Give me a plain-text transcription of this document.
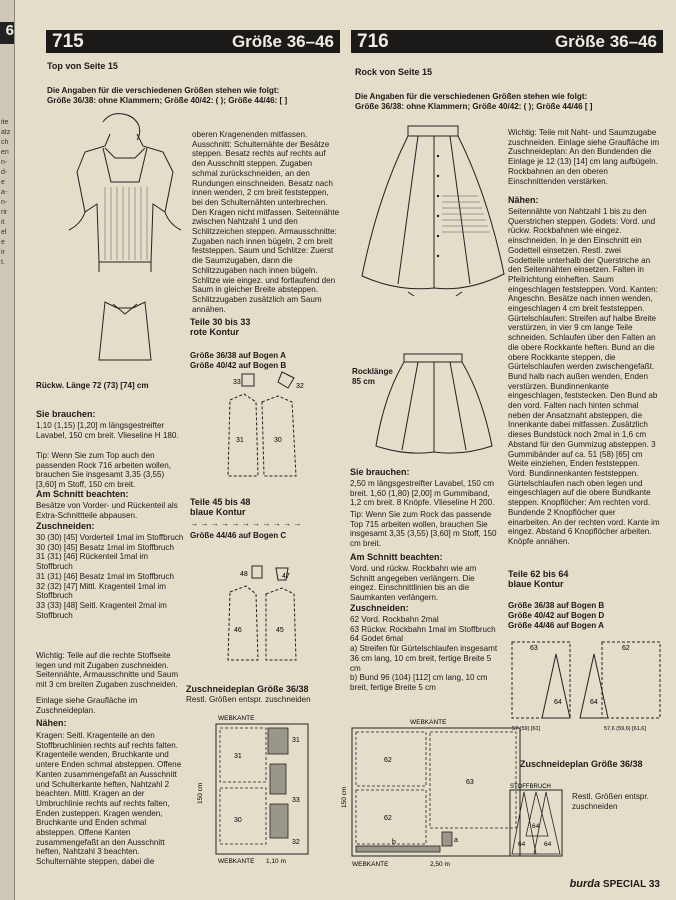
6
ite
atz
ch
en
n-
d-
e
a-
n-
rir
it
el
e
ir
t.
715	Größe 36–46

Top von Seite 15

Die Angaben für die verschiedenen Größen stehen wie folgt:

Größe 36/38: ohne Klammern; Größe 40/42: ( ); Größe 44/46: [ ]

Rückw. Länge 72 (73) [74] cm

Sie brauchen:

1,10 (1,15) [1,20] m längsgestreifter Lavabel, 150 cm breit. Vlieseline H 180.

Tip: Wenn Sie zum Top auch den passenden Rock 716 arbeiten wollen, brauchen Sie insgesamt 3,35 (3,55) [3,60] m Stoff, 150 cm breit.

Am Schnitt beachten:

Besätze von Vorder- und Rückenteil als Extra-Schnittteile abpausen.

Zuschneiden:

30 (30) [45] Vorderteil 1mal im Stoffbruch
30 (30) [45] Besatz 1mal im Stoffbruch
31 (31) [46] Rückenteil 1mal im Stoffbruch
31 (31) [46] Besatz 1mal im Stoffbruch
32 (32) [47] Mittl. Kragenteil 1mal im Stoffbruch
33 (33) [48] Seitl. Kragenteil 2mal im Stoffbruch

Wichtig: Teile auf die rechte Stoffseite legen und mit Zugaben zuschneiden. Seitennähte, Armausschnitte und Saum mit 3 cm breiten Zugaben zuschneiden.

Einlage siehe Graufläche im Zuschneideplan.

Nähen:

Kragen: Seitl. Kragenteile an den Stoffbruchlinien rechts auf rechts falten. Kragenteile wenden, Bruchkante und untere Enden schmal absteppen. Offene Kanten zusammengefaßt an Ausschnitt und Schulterkante heften, Nahtzahl 2 beachten. Mittl. Kragen an der Umbruchlinie rechts auf rechts falten, Enden zusteppen. Kragen wenden, Bruchkante und Enden schmal absteppen. Offene Kanten zusammengefaßt an den Ausschnitt heften, Nahtzahl 3 beachten. Schulternähte steppen, dabei die

oberen Kragenenden mitfassen. Ausschnitt: Schulternähte der Besätze steppen. Besatz rechts auf rechts auf den Ausschnitt steppen. Zugaben schmal zurückschneiden, an den Rundungen einschneiden. Besatz nach innen wenden, 2 cm breit feststeppen, bei den Schulternähten unterbrechen. Den Kragen nicht mitfassen. Seitennähte zwischen Nahtzahl 1 und den Schlitzzeichen steppen. Armausschnitte: Zugaben nach innen bügeln, 2 cm breit feststeppen. Saum und Schlitze: Zuerst die Saumzugaben, dann die Schlitzzugaben nach innen bügeln. Schlitze wie eingez. und fortlaufend den Saum in gleicher Breite absteppen. Schlitzzugaben zusätzlich am Saum annähen.

Teile 30 bis 33

rote Kontur

Größe 36/38 auf Bogen A

Größe 40/42 auf Bogen B

33
32
31	30

Teile 45 bis 48

blaue Kontur

→ → → → → → → → → → →

Größe 44/46 auf Bogen C

48	47
46	45

Zuschneideplan Größe 36/38

Restl. Größen entspr. zuschneiden

WEBKANTE
31
30
31
33
32
150 cm
WEBKANTE 1,10 m
716	Größe 36–46

Rock von Seite 15

Die Angaben für die verschiedenen Größen stehen wie folgt:

Größe 36/38: ohne Klammern; Größe 40/42: ( ); Größe 44/46 [ ]

Rocklänge

85 cm

Sie brauchen:

2,50 m längsgestreifter Lavabel, 150 cm breit. 1,60 (1,80) [2,00] m Gummiband, 1,2 cm breit. 8 Knöpfe. Vlieseline H 200.

Tip: Wenn Sie zum Rock das passende Top 715 arbeiten wollen, brauchen Sie insgesamt 3,35 (3,55) [3,60] m Stoff, 150 cm breit.

Am Schnitt beachten:

Vord. und rückw. Rockbahn wie am Schnitt angegeben verlängern. Die eingez. Einschnittlinien bis an die Saumkanten verlängern.

Zuschneiden:

62 Vord. Rockbahn 2mal
63 Rückw. Rockbahn 1mal im Stoffbruch
64 Godet 6mal
a) Streifen für Gürtelschlaufen insgesamt 36 cm lang, 10 cm breit, fertige Breite 5 cm
b) Bund 96 (104) [112] cm lang, 10 cm breit, fertige Breite 5 cm

Wichtig: Teile mit Naht- und Saumzugabe zuschneiden. Einlage siehe Graufläche im Zuschneideplan: An den Bundenden die Einlage je 12 (13) [14] cm lang aufbügeln. Rockbahnen an den oberen Einschnittenden verstärken.

Nähen:

Seitennähte von Nahtzahl 1 bis zu den Querstrichen steppen. Godets: Vord. und rückw. Rockbahnen wie eingez. einschneiden. In je den Einschnitt ein Godetteil einsetzen. Restl. zwei Godetteile unterhalb der Querstriche an den Seitennähten einsetzen. Falten in Pfeilrichtung einheften. Saum eingeschlagen feststeppen. Vord. Kanten: Angeschn. Besätze nach innen wenden, eingeschlagen 4 cm breit feststeppen. Gürtelschlaufen: Streifen auf halbe Breite verstürzen, in vier 9 cm lange Teile schneiden. Schlaufen über den Falten an die obere Rockkante heften. Bund an die obere Rockkante steppen, die Gürtelschlaufen werden zwischengefaßt. Bund halb nach außen wenden, Enden verstürzen. Bundinnenkante eingeschlagen, feststecken. Den Bund ab den vord. Falten nach hinten schmal neben der Ansatznaht absteppen, die Innenkante dabei mitfassen. Zusätzlich dieses Bundstück noch 2mal in 1,6 cm Abstand für den Gummizug absteppen. 3 Gummibänder auf ca. 51 (58) [65] cm Weite einziehen, Enden feststeppen. Vord. Bundinnenkanten feststeppen. Gürtelschlaufen nach oben legen und eingeschlagen auf die obere Bundkante steppen. Knopflöcher: Am rechten vord. Bundende 2 Knopflöcher quer einarbeiten. An der rechten vord. Kante im eingez. Abstand 6 Knopflöcher arbeiten. Knöpfe annähen.

Teile 62 bis 64

blaue Kontur

Größe 36/38 auf Bogen B

Größe 40/42 auf Bogen D

Größe 44/46 auf Bogen A

63
64
62
64
57 (59) [61]	57,6 (59,6) [61,6]

Zuschneideplan Größe 36/38

WEBKANTE
62
62
63
a
b
150 cm
WEBKANTE	2,50 m
STOFFBRUCH
64	64
64

Restl. Größen entspr. zuschneiden

burda SPECIAL 33
